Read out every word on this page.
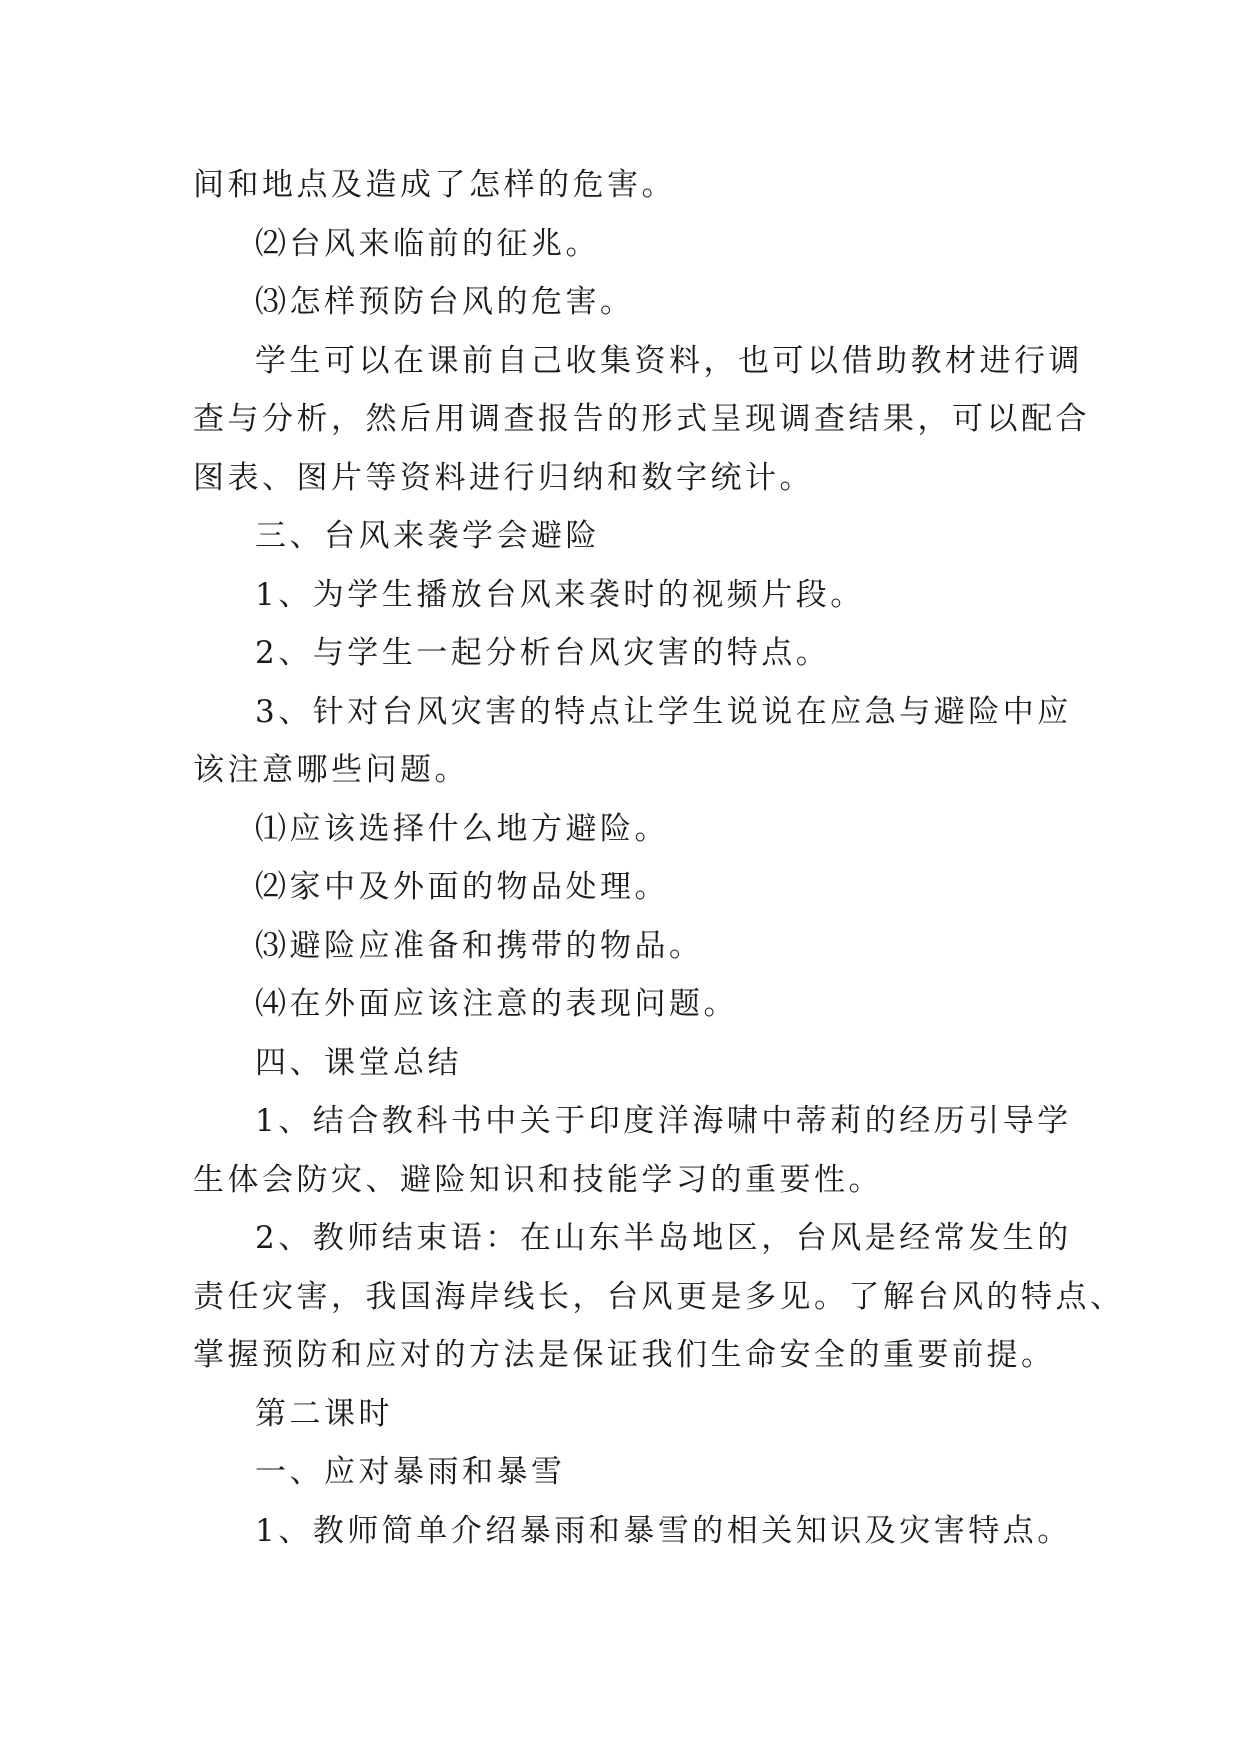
间和地点及造成了怎样的危害。
⑵台风来临前的征兆。
⑶怎样预防台风的危害。
学生可以在课前自己收集资料，也可以借助教材进行调
查与分析，然后用调查报告的形式呈现调查结果，可以配合
图表、图片等资料进行归纳和数字统计。
三、台风来袭学会避险
1、为学生播放台风来袭时的视频片段。
2、与学生一起分析台风灾害的特点。
3、针对台风灾害的特点让学生说说在应急与避险中应
该注意哪些问题。
⑴应该选择什么地方避险。
⑵家中及外面的物品处理。
⑶避险应准备和携带的物品。
⑷在外面应该注意的表现问题。
四、课堂总结
1、结合教科书中关于印度洋海啸中蒂莉的经历引导学
生体会防灾、避险知识和技能学习的重要性。
2、教师结束语：在山东半岛地区，台风是经常发生的
责任灾害，我国海岸线长，台风更是多见。了解台风的特点、
掌握预防和应对的方法是保证我们生命安全的重要前提。
第二课时
一、应对暴雨和暴雪
1、教师简单介绍暴雨和暴雪的相关知识及灾害特点。
